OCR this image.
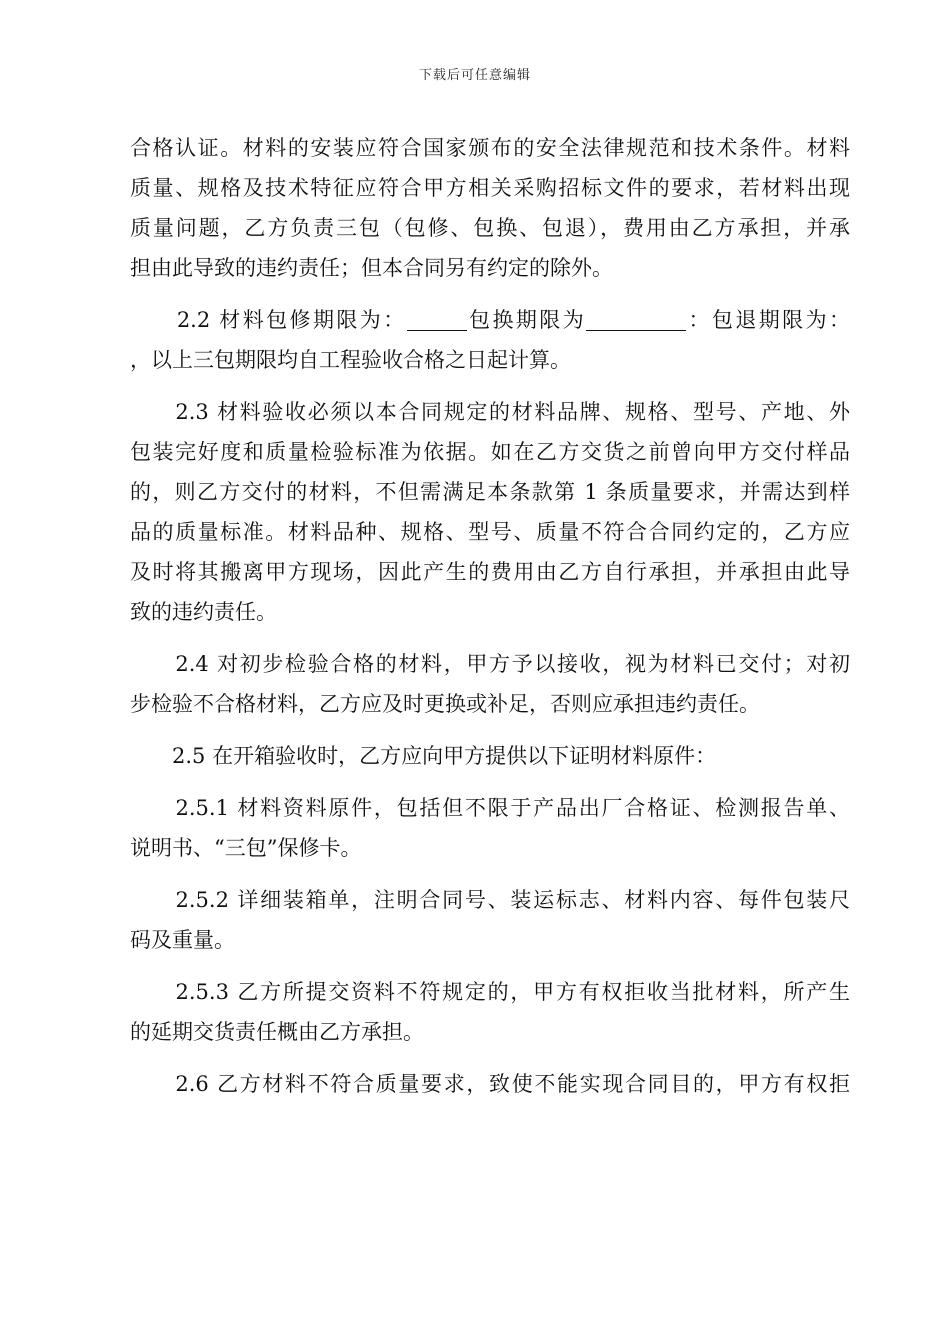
下载后可任意编辑
合格认证。材料的安装应符合国家颁布的安全法律规范和技术条件。材料
质量、规格及技术特征应符合甲方相关采购招标文件的要求，若材料出现
质量问题，乙方负责三包（包修、包换、包退），费用由乙方承担，并承
担由此导致的违约责任；但本合同另有约定的除外。
　　2.2 材料包修期限为：	包换期限为	：包退期限为：
，以上三包期限均自工程验收合格之日起计算。
　　2.3 材料验收必须以本合同规定的材料品牌、规格、型号、产地、外
包装完好度和质量检验标准为依据。如在乙方交货之前曾向甲方交付样品
的，则乙方交付的材料，不但需满足本条款第 1 条质量要求，并需达到样
品的质量标准。材料品种、规格、型号、质量不符合合同约定的，乙方应
及时将其搬离甲方现场，因此产生的费用由乙方自行承担，并承担由此导
致的违约责任。
　　2.4 对初步检验合格的材料，甲方予以接收，视为材料已交付；对初
步检验不合格材料，乙方应及时更换或补足，否则应承担违约责任。
　　2.5 在开箱验收时，乙方应向甲方提供以下证明材料原件：
　　2.5.1 材料资料原件，包括但不限于产品出厂合格证、检测报告单、
说明书、“三包”保修卡。
　　2.5.2 详细装箱单，注明合同号、装运标志、材料内容、每件包装尺
码及重量。
　　2.5.3 乙方所提交资料不符规定的，甲方有权拒收当批材料，所产生
的延期交货责任概由乙方承担。
　　2.6 乙方材料不符合质量要求，致使不能实现合同目的，甲方有权拒
